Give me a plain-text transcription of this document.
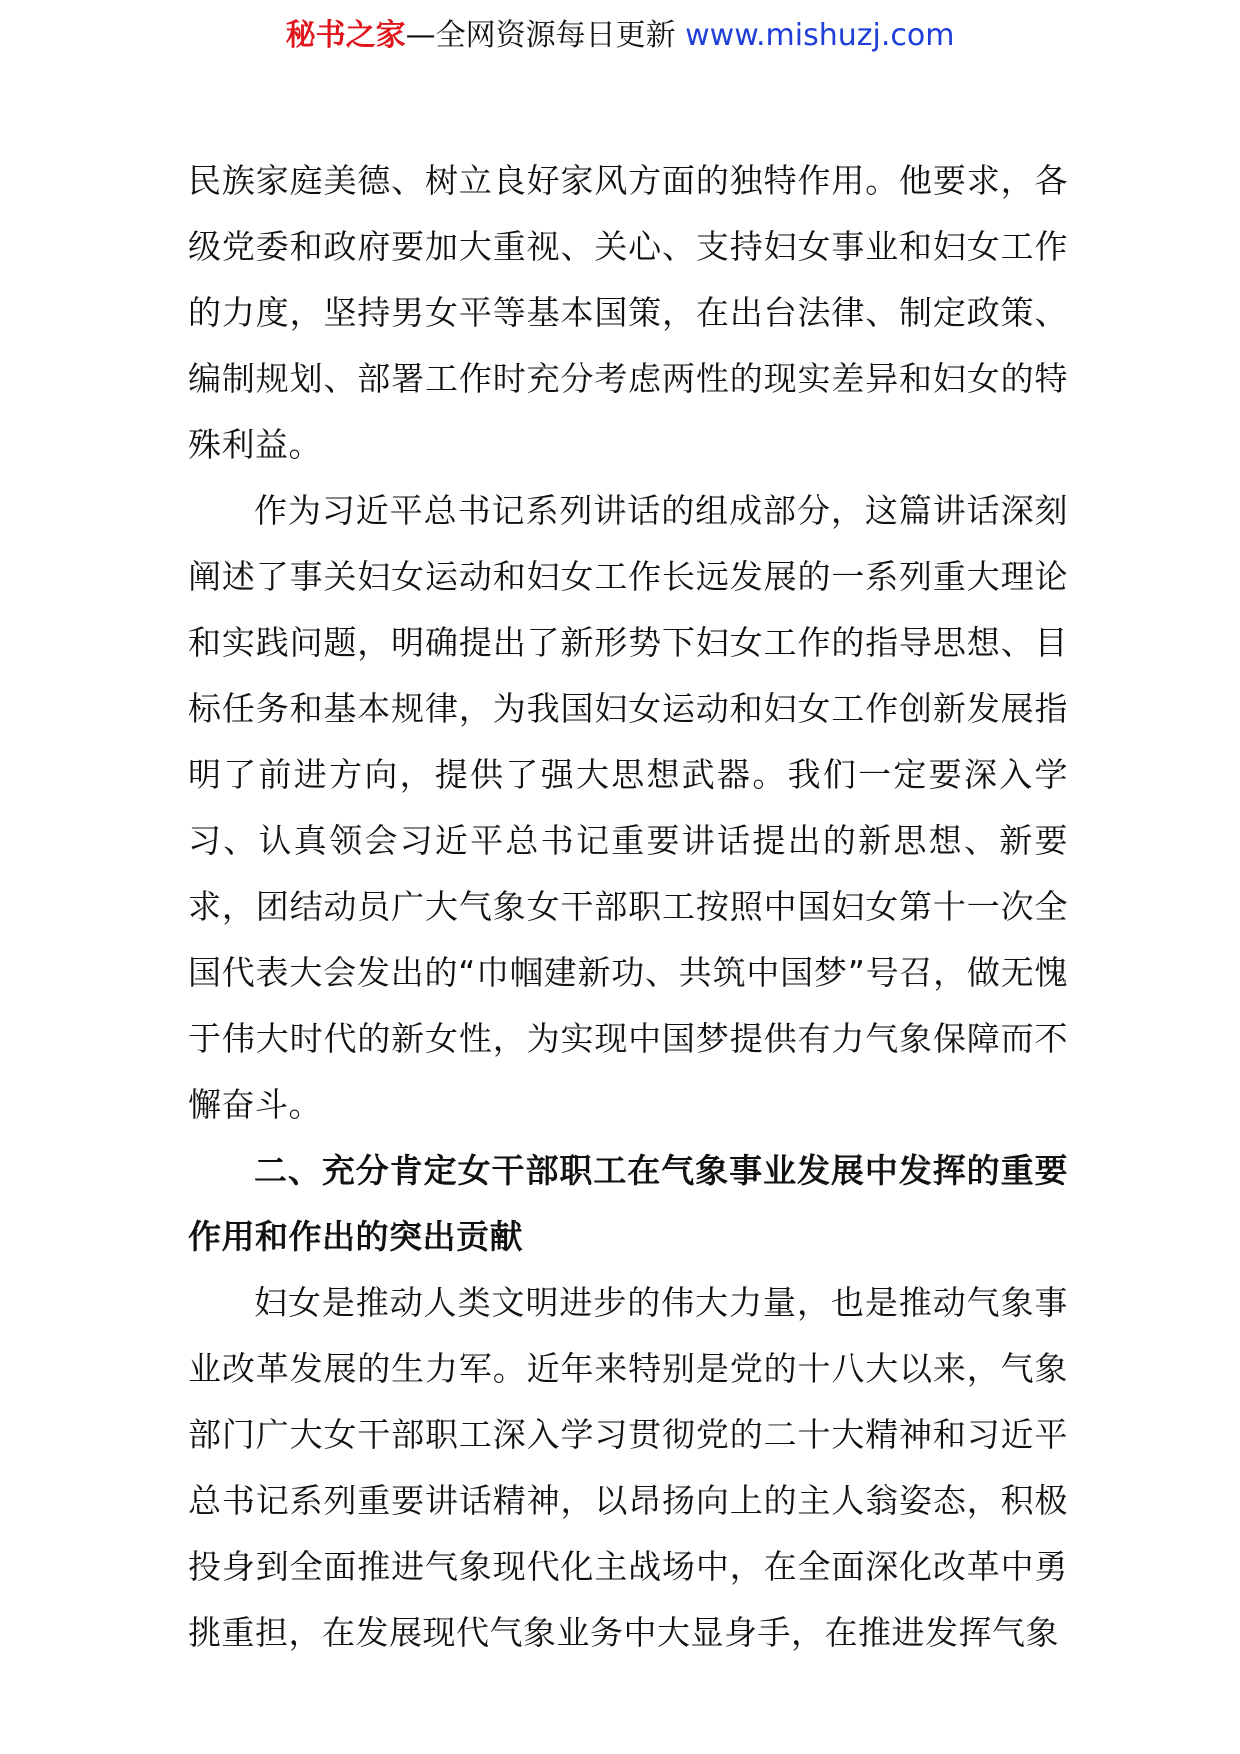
秘书之家—全网资源每日更新 www.mishuzj.com

民族家庭美德、树立良好家风方面的独特作用。他要求，各级党委和政府要加大重视、关心、支持妇女事业和妇女工作的力度，坚持男女平等基本国策，在出台法律、制定政策、编制规划、部署工作时充分考虑两性的现实差异和妇女的特殊利益。

作为习近平总书记系列讲话的组成部分，这篇讲话深刻阐述了事关妇女运动和妇女工作长远发展的一系列重大理论和实践问题，明确提出了新形势下妇女工作的指导思想、目标任务和基本规律，为我国妇女运动和妇女工作创新发展指明了前进方向，提供了强大思想武器。我们一定要深入学习、认真领会习近平总书记重要讲话提出的新思想、新要求，团结动员广大气象女干部职工按照中国妇女第十一次全国代表大会发出的“巾帼建新功、共筑中国梦”号召，做无愧于伟大时代的新女性，为实现中国梦提供有力气象保障而不懈奋斗。

二、充分肯定女干部职工在气象事业发展中发挥的重要作用和作出的突出贡献

妇女是推动人类文明进步的伟大力量，也是推动气象事业改革发展的生力军。近年来特别是党的十八大以来，气象部门广大女干部职工深入学习贯彻党的二十大精神和习近平总书记系列重要讲话精神，以昂扬向上的主人翁姿态，积极投身到全面推进气象现代化主战场中，在全面深化改革中勇挑重担，在发展现代气象业务中大显身手，在推进发挥气象
